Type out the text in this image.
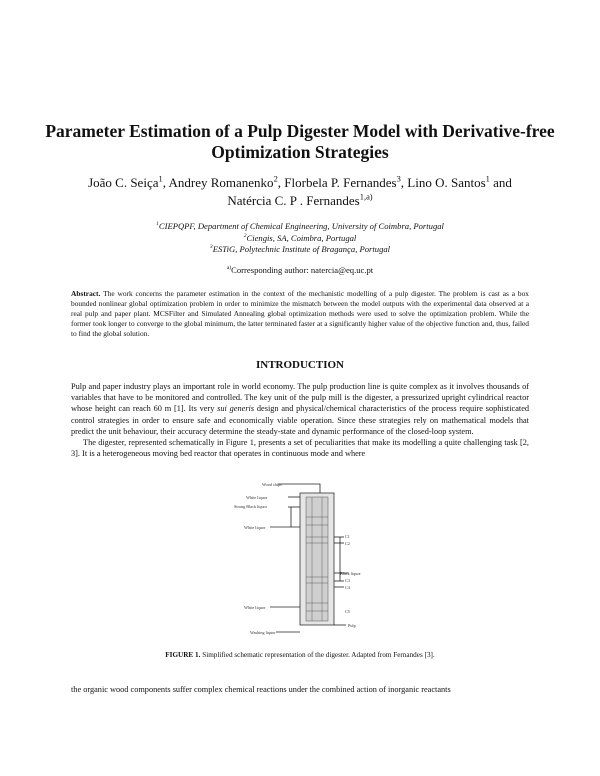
Parameter Estimation of a Pulp Digester Model with Derivative-free Optimization Strategies
João C. Seiça$^1$, Andrey Romanenko$^2$, Florbela P. Fernandes$^3$, Lino O. Santos$^1$ and
Natércia C. P . Fernandes$^{1,a)}$
$^1$CIEPQPF, Department of Chemical Engineering, University of Coimbra, Portugal
$^2$Ciengis, SA, Coimbra, Portugal
$^3$ESTiG, Polytechnic Institute of Bragança, Portugal
$^{a)}$Corresponding author: natercia@eq.uc.pt
Abstract. The work concerns the parameter estimation in the context of the mechanistic modelling of a pulp digester. The problem is cast as a box bounded nonlinear global optimization problem in order to minimize the mismatch between the model outputs with the experimental data observed at a real pulp and paper plant. MCSFilter and Simulated Annealing global optimization methods were used to solve the optimization problem. While the former took longer to converge to the global minimum, the latter terminated faster at a significantly higher value of the objective function and, thus, failed to find the global solution.
INTRODUCTION
Pulp and paper industry plays an important role in world economy. The pulp production line is quite complex as it involves thousands of variables that have to be monitored and controlled. The key unit of the pulp mill is the digester, a pressurized upright cylindrical reactor whose height can reach 60 m [1]. Its very sui generis design and physical/chemical characteristics of the process require sophisticated control strategies in order to ensure safe and economically viable operation. Since these strategies rely on mathematical models that predict the unit behaviour, their accuracy determine the steady-state and dynamic performance of the closed-loop system.
The digester, represented schematically in Figure 1, presents a set of peculiarities that make its modelling a quite challenging task [2, 3]. It is a heterogeneous moving bed reactor that operates in continuous mode and where
Wood chips
White liquor
Strong Black liquor
White liquor
C1
C2
Black liquor
C3
White liquor
C4
C5
Washing liquor
Pulp
FIGURE 1. Simplified schematic representation of the digester. Adapted from Fernandes [3].
the organic wood components suffer complex chemical reactions under the combined action of inorganic reactants
